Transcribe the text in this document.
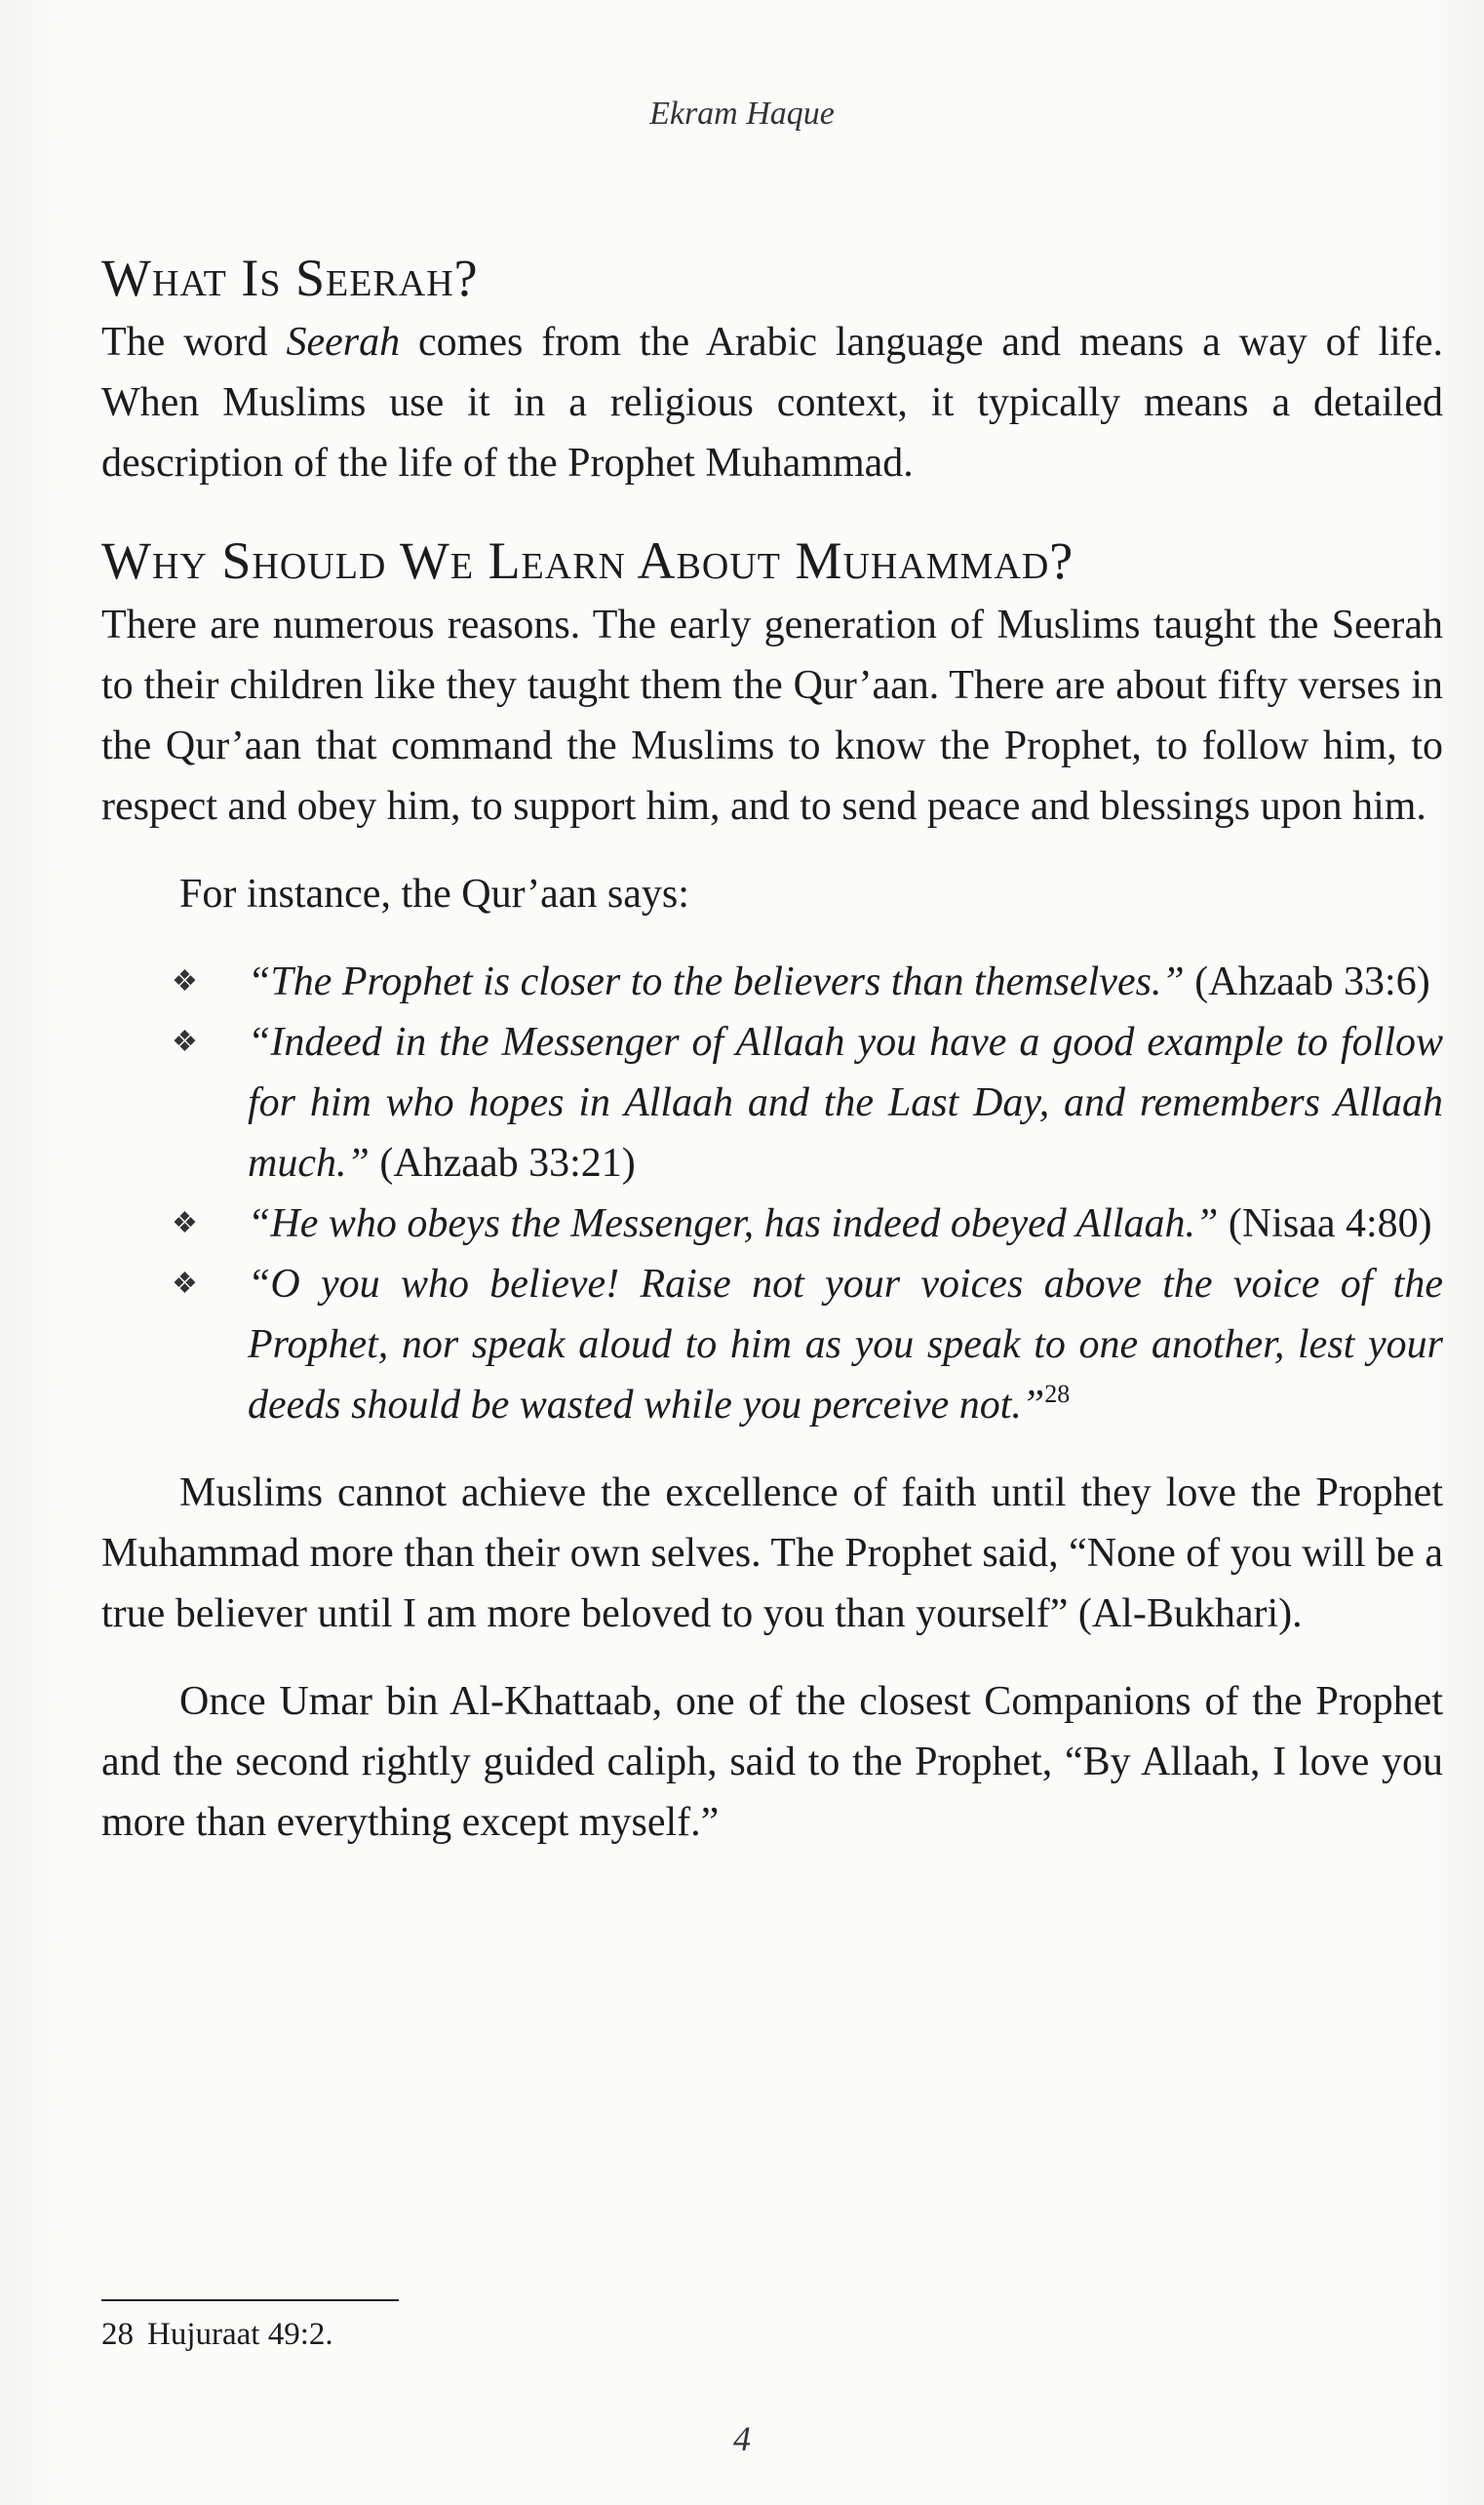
Ekram Haque
What Is Seerah?

The word Seerah comes from the Arabic language and means a way of life. When Muslims use it in a religious context, it typically means a detailed description of the life of the Prophet Muhammad.

Why Should We Learn About Muhammad?

There are numerous reasons. The early generation of Muslims taught the Seerah to their children like they taught them the Qur’aan. There are about fifty verses in the Qur’aan that command the Muslims to know the Prophet, to follow him, to respect and obey him, to support him, and to send peace and blessings upon him.

For instance, the Qur’aan says:

❖ “The Prophet is closer to the believers than themselves.” (Ahzaab 33:6)
❖ “Indeed in the Messenger of Allaah you have a good example to follow for him who hopes in Allaah and the Last Day, and remembers Allaah much.” (Ahzaab 33:21)
❖ “He who obeys the Messenger, has indeed obeyed Allaah.” (Nisaa 4:80)
❖ “O you who believe! Raise not your voices above the voice of the Prophet, nor speak aloud to him as you speak to one another, lest your deeds should be wasted while you perceive not.”$^{28}$

Muslims cannot achieve the excellence of faith until they love the Prophet Muhammad more than their own selves. The Prophet said, “None of you will be a true believer until I am more beloved to you than yourself” (Al-Bukhari).

Once Umar bin Al-Khattaab, one of the closest Companions of the Prophet and the second rightly guided caliph, said to the Prophet, “By Allaah, I love you more than everything except myself.”

28 Hujuraat 49:2.
4
